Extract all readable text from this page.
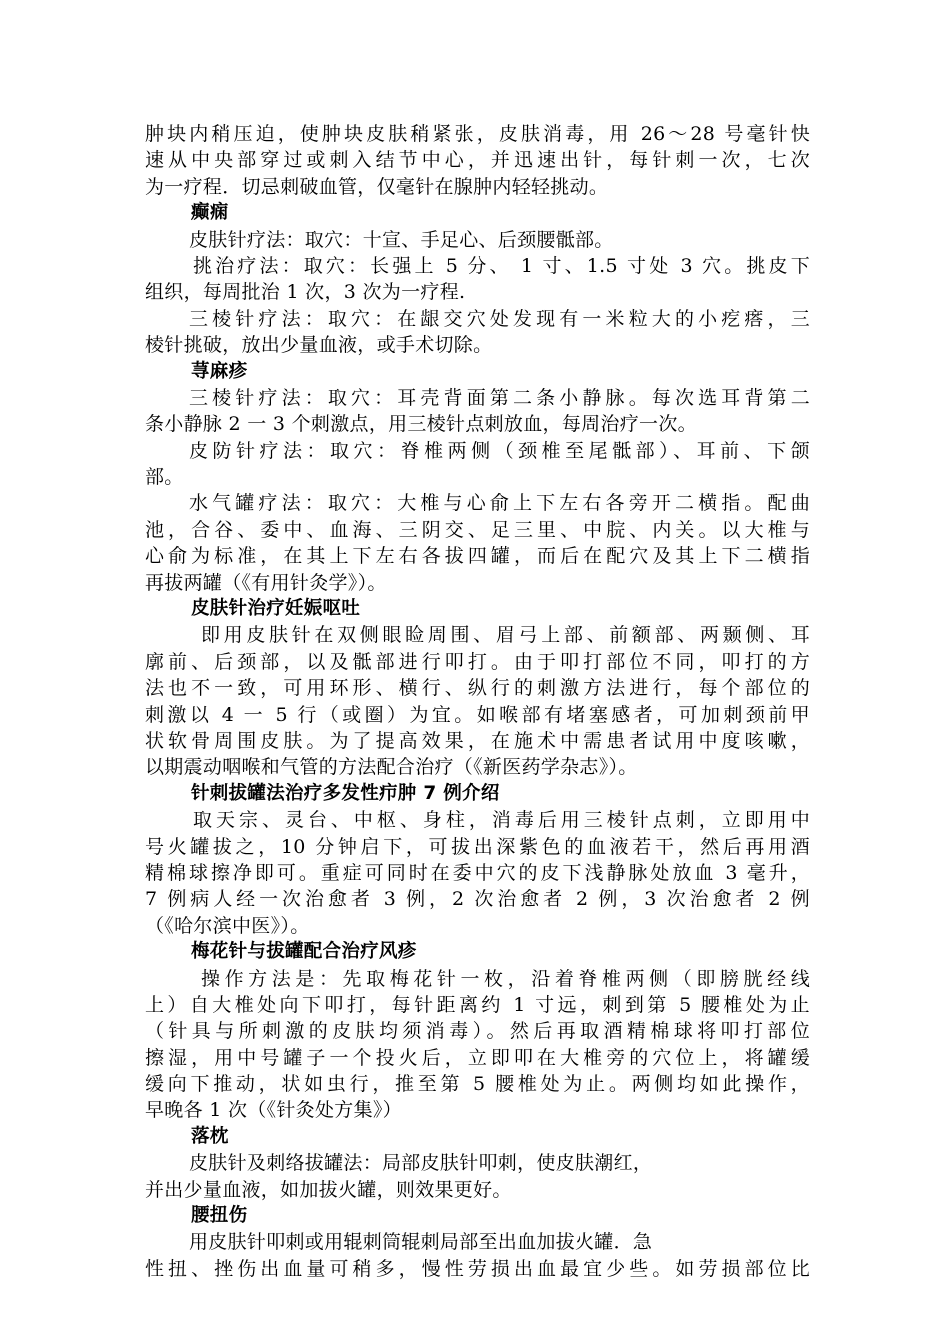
肿块内稍压迫，使肿块皮肤稍紧张，皮肤消毒，用 26～28 号毫针快
速从中央部穿过或刺入结节中心，并迅速出针，每针刺一次，七次
为一疗程．切忌刺破血管，仅毫针在腺肿内轻轻挑动。
癫痫
皮肤针疗法：取穴：十宣、手足心、后颈腰骶部。
挑治疗法：取穴：长强上 5 分、 1 寸、1.5 寸处 3 穴。挑皮下
组织，每周批治 1 次，3 次为一疗程.
三棱针疗法：取穴：在龈交穴处发现有一米粒大的小疙瘩，三
棱针挑破，放出少量血液，或手术切除。
荨麻疹
三棱针疗法：取穴：耳壳背面第二条小静脉。每次选耳背第二
条小静脉 2 一 3 个刺激点，用三棱针点刺放血，每周治疗一次。
皮防针疗法：取穴：脊椎两侧（颈椎至尾骶部）、耳前、下颌
部。
水气罐疗法：取穴：大椎与心俞上下左右各旁开二横指。配曲
池，合谷、委中、血海、三阴交、足三里、中脘、内关。以大椎与
心俞为标准，在其上下左右各拔四罐，而后在配穴及其上下二横指
再拔两罐（《有用针灸学》）。
皮肤针治疗妊娠呕吐
即用皮肤针在双侧眼睑周围、眉弓上部、前额部、两颞侧、耳
廓前、后颈部，以及骶部进行叩打。由于叩打部位不同，叩打的方
法也不一致，可用环形、横行、纵行的刺激方法进行，每个部位的
刺激以 4 一 5 行（或圈）为宜。如喉部有堵塞感者，可加刺颈前甲
状软骨周围皮肤。为了提高效果，在施术中需患者试用中度咳嗽，
以期震动咽喉和气管的方法配合治疗（《新医药学杂志》）。
针刺拔罐法治疗多发性疖肿 7 例介绍
取天宗、灵台、中枢、身柱，消毒后用三棱针点刺，立即用中
号火罐拔之，10 分钟启下，可拔出深紫色的血液若干，然后再用酒
精棉球擦净即可。重症可同时在委中穴的皮下浅静脉处放血 3 毫升，
7 例病人经一次治愈者 3 例，2 次治愈者 2 例，3 次治愈者 2 例
（《哈尔滨中医》）。
梅花针与拔罐配合治疗风疹
操作方法是：先取梅花针一枚，沿着脊椎两侧（即膀胱经线
上）自大椎处向下叩打，每针距离约 1 寸远，刺到第 5 腰椎处为止
（针具与所刺激的皮肤均须消毒）。然后再取酒精棉球将叩打部位
擦湿，用中号罐子一个投火后，立即叩在大椎旁的穴位上，将罐缓
缓向下推动，状如虫行，推至第 5 腰椎处为止。两侧均如此操作，
早晚各 1 次（《针灸处方集》）
落枕
皮肤针及刺络拔罐法：局部皮肤针叩刺，使皮肤潮红，
并出少量血液，如加拔火罐，则效果更好。
腰扭伤
用皮肤针叩刺或用辊刺筒辊刺局部至出血加拔火罐．急
性扭、挫伤出血量可稍多，慢性劳损出血最宜少些。如劳损部位比
